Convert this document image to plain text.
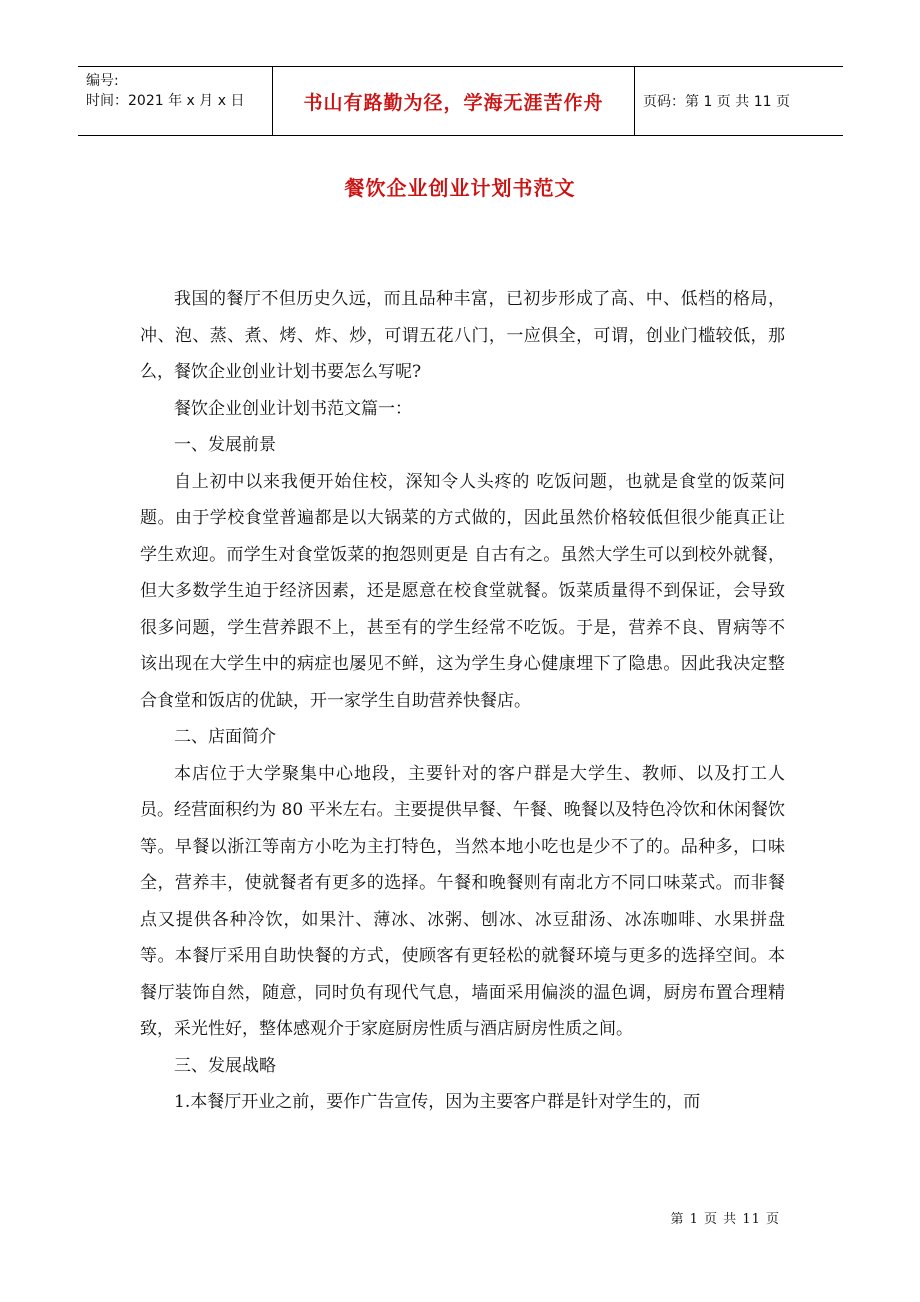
编号:
时间：2021 年 x 月 x 日	书山有路勤为径，学海无涯苦作舟	页码：第 1 页 共 11 页
餐饮企业创业计划书范文

我国的餐厅不但历史久远，而且品种丰富，已初步形成了高、中、低档的格局，冲、泡、蒸、煮、烤、炸、炒，可谓五花八门，一应俱全，可谓，创业门槛较低，那么，餐饮企业创业计划书要怎么写呢?

餐饮企业创业计划书范文篇一：

一、发展前景

自上初中以来我便开始住校，深知令人头疼的 吃饭问题，也就是食堂的饭菜问题。由于学校食堂普遍都是以大锅菜的方式做的，因此虽然价格较低但很少能真正让学生欢迎。而学生对食堂饭菜的抱怨则更是 自古有之。虽然大学生可以到校外就餐，但大多数学生迫于经济因素，还是愿意在校食堂就餐。饭菜质量得不到保证，会导致很多问题，学生营养跟不上，甚至有的学生经常不吃饭。于是，营养不良、胃病等不该出现在大学生中的病症也屡见不鲜，这为学生身心健康埋下了隐患。因此我决定整合食堂和饭店的优缺，开一家学生自助营养快餐店。

二、店面简介

本店位于大学聚集中心地段，主要针对的客户群是大学生、教师、以及打工人员。经营面积约为 80 平米左右。主要提供早餐、午餐、晚餐以及特色冷饮和休闲餐饮等。早餐以浙江等南方小吃为主打特色，当然本地小吃也是少不了的。品种多，口味全，营养丰，使就餐者有更多的选择。午餐和晚餐则有南北方不同口味菜式。而非餐点又提供各种冷饮，如果汁、薄冰、冰粥、刨冰、冰豆甜汤、冰冻咖啡、水果拼盘等。本餐厅采用自助快餐的方式，使顾客有更轻松的就餐环境与更多的选择空间。本餐厅装饰自然，随意，同时负有现代气息，墙面采用偏淡的温色调，厨房布置合理精致，采光性好，整体感观介于家庭厨房性质与酒店厨房性质之间。

三、发展战略

1.本餐厅开业之前，要作广告宣传，因为主要客户群是针对学生的，而

第 1 页 共 11 页
